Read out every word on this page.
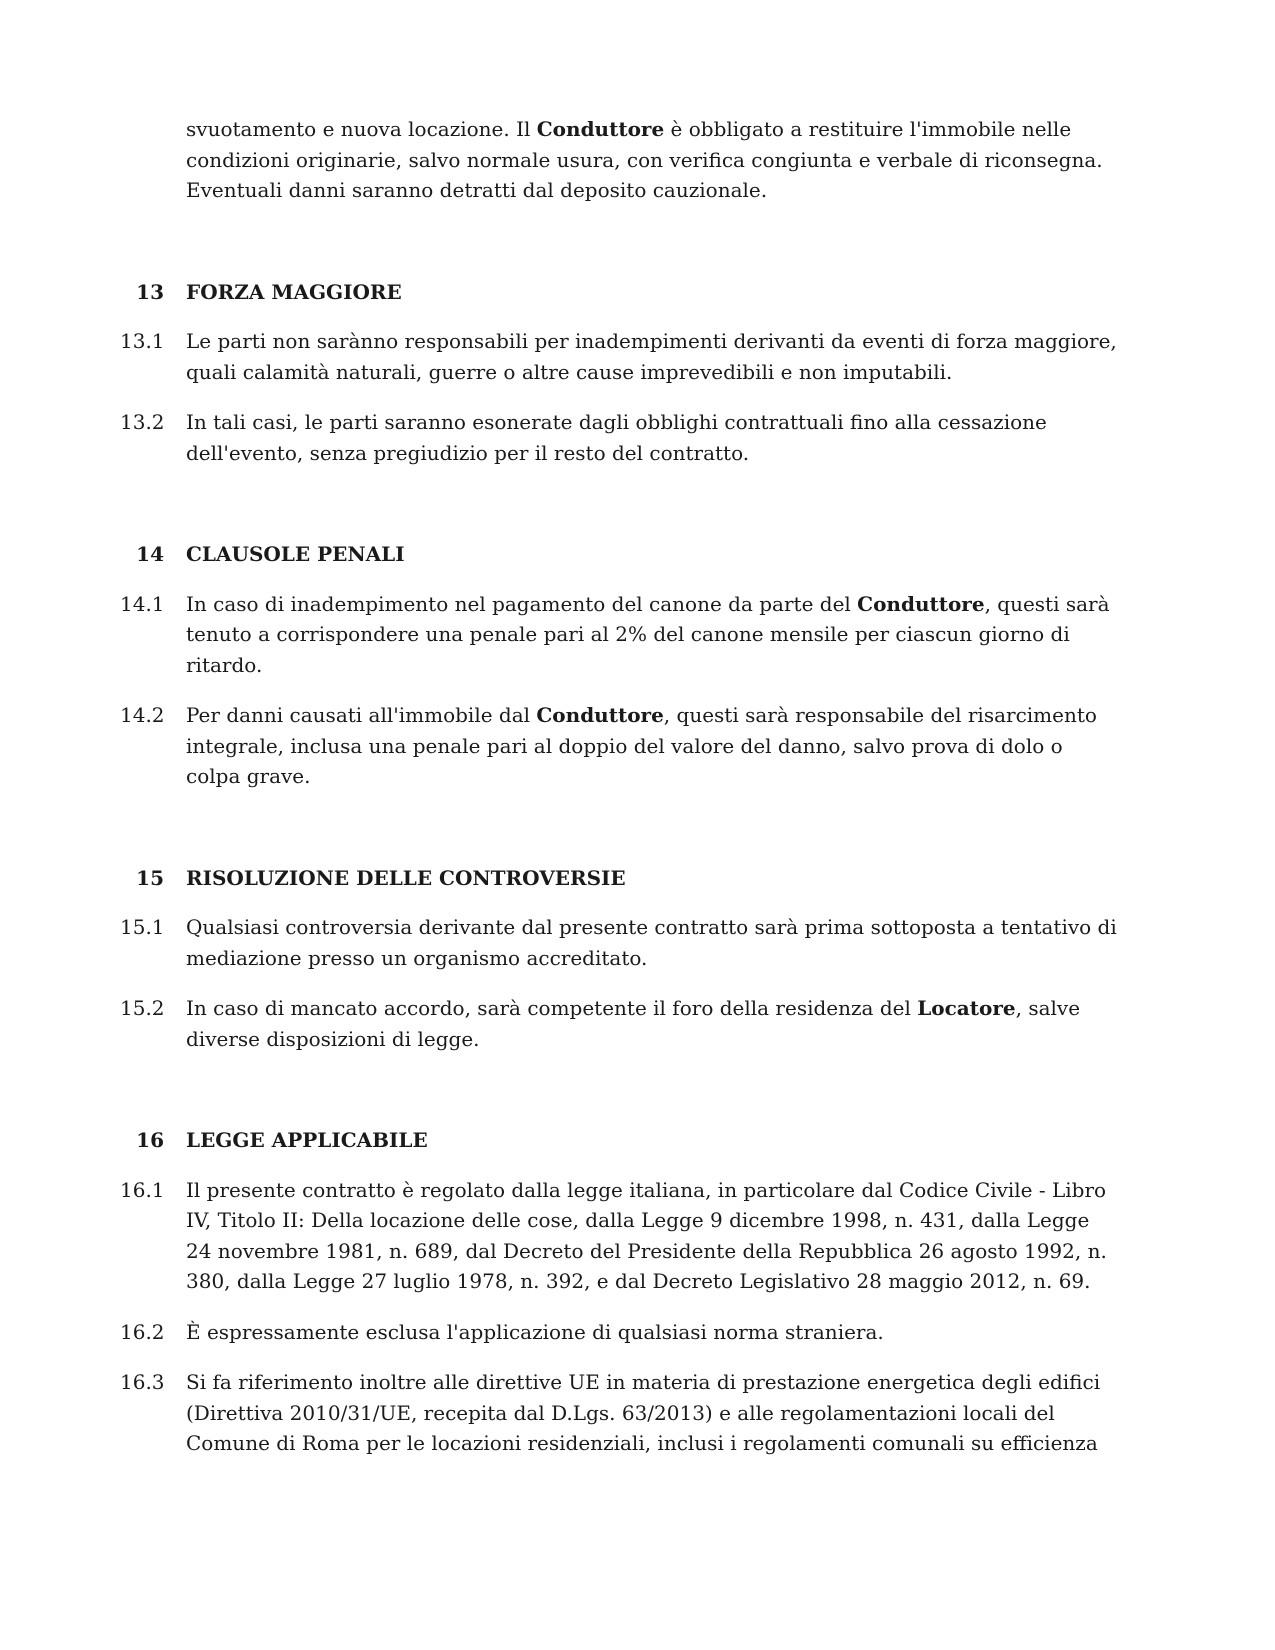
svuotamento e nuova locazione. Il Conduttore è obbligato a restituire l'immobile nelle condizioni originarie, salvo normale usura, con verifica congiunta e verbale di riconsegna. Eventuali danni saranno detratti dal deposito cauzionale.
13	FORZA MAGGIORE
13.1	Le parti non sarànno responsabili per inadempimenti derivanti da eventi di forza maggiore, quali calamità naturali, guerre o altre cause imprevedibili e non imputabili.
13.2	In tali casi, le parti saranno esonerate dagli obblighi contrattuali fino alla cessazione dell'evento, senza pregiudizio per il resto del contratto.
14	CLAUSOLE PENALI
14.1	In caso di inadempimento nel pagamento del canone da parte del Conduttore, questi sarà tenuto a corrispondere una penale pari al 2% del canone mensile per ciascun giorno di ritardo.
14.2	Per danni causati all'immobile dal Conduttore, questi sarà responsabile del risarcimento integrale, inclusa una penale pari al doppio del valore del danno, salvo prova di dolo o colpa grave.
15	RISOLUZIONE DELLE CONTROVERSIE
15.1	Qualsiasi controversia derivante dal presente contratto sarà prima sottoposta a tentativo di mediazione presso un organismo accreditato.
15.2	In caso di mancato accordo, sarà competente il foro della residenza del Locatore, salve diverse disposizioni di legge.
16	LEGGE APPLICABILE
16.1	Il presente contratto è regolato dalla legge italiana, in particolare dal Codice Civile - Libro IV, Titolo II: Della locazione delle cose, dalla Legge 9 dicembre 1998, n. 431, dalla Legge 24 novembre 1981, n. 689, dal Decreto del Presidente della Repubblica 26 agosto 1992, n. 380, dalla Legge 27 luglio 1978, n. 392, e dal Decreto Legislativo 28 maggio 2012, n. 69.
16.2	È espressamente esclusa l'applicazione di qualsiasi norma straniera.
16.3	Si fa riferimento inoltre alle direttive UE in materia di prestazione energetica degli edifici (Direttiva 2010/31/UE, recepita dal D.Lgs. 63/2013) e alle regolamentazioni locali del Comune di Roma per le locazioni residenziali, inclusi i regolamenti comunali su efficienza
